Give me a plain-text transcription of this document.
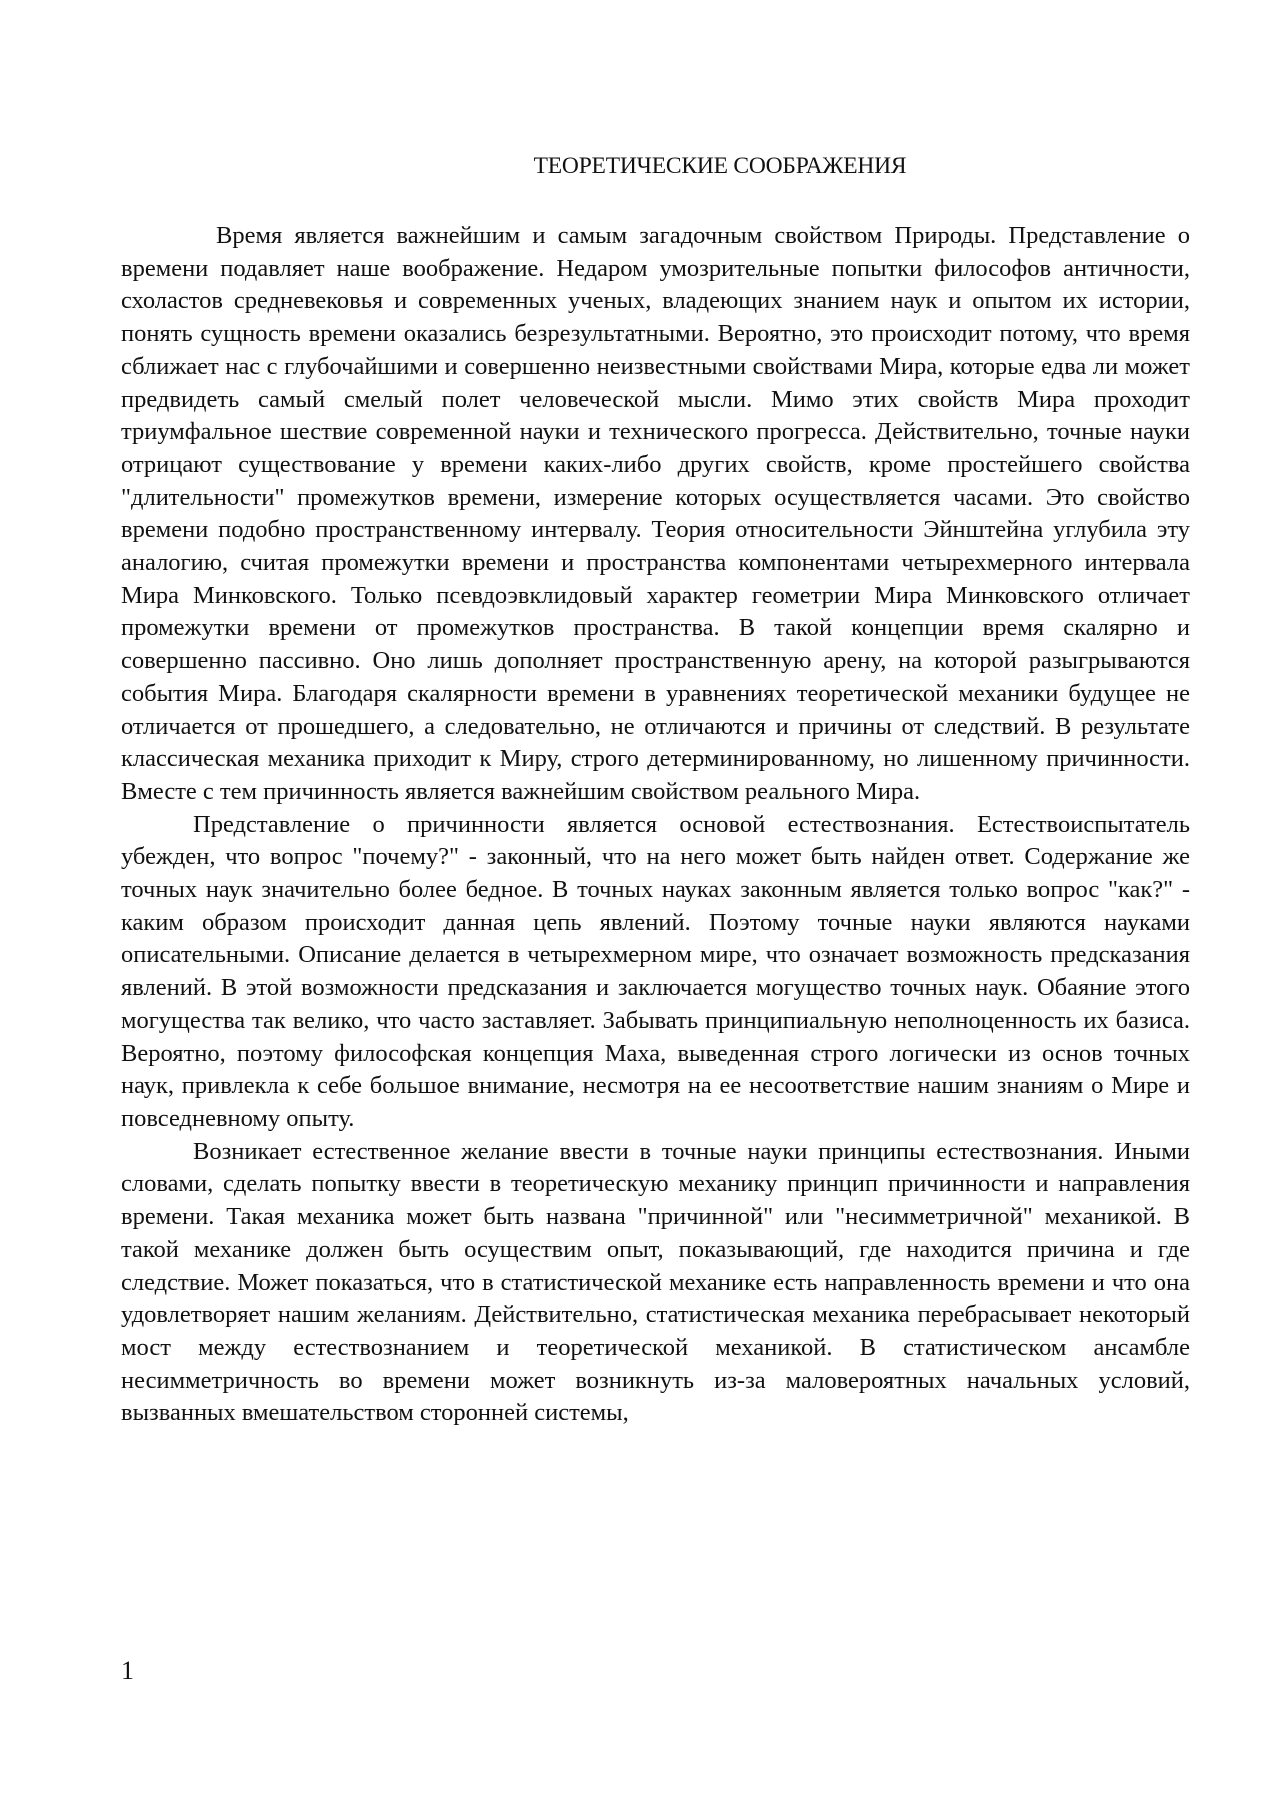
ТЕОРЕТИЧЕСКИЕ СООБРАЖЕНИЯ

Время является важнейшим и самым загадочным свойством Природы. Представление о времени подавляет наше воображение. Недаром умозрительные попытки философов античности, схоластов средневековья и современных ученых, владеющих знанием наук и опытом их истории, понять сущность времени оказались безрезультатными. Вероятно, это происходит потому, что время сближает нас с глубочайшими и совершенно неизвестными свойствами Мира, которые едва ли может предвидеть самый смелый полет человеческой мысли. Мимо этих свойств Мира проходит триумфальное шествие современной науки и технического прогресса. Действительно, точные науки отрицают существование у времени каких-либо других свойств, кроме простейшего свойства "длительности" промежутков времени, измерение которых осуществляется часами. Это свойство времени подобно пространственному интервалу. Теория относительности Эйнштейна углубила эту аналогию, считая промежутки времени и пространства компонентами четырехмерного интервала Мира Минковского. Только псевдоэвклидовый характер геометрии Мира Минковского отличает промежутки времени от промежутков пространства. В такой концепции время скалярно и совершенно пассивно. Оно лишь дополняет пространственную арену, на которой разыгрываются события Мира. Благодаря скалярности времени в уравнениях теоретической механики будущее не отличается от прошедшего, а следовательно, не отличаются и причины от следствий. В результате классическая механика приходит к Миру, строго детерминированному, но лишенному причинности. Вместе с тем причинность является важнейшим свойством реального Мира.

Представление о причинности является основой естествознания. Естествоиспытатель убежден, что вопрос "почему?" - законный, что на него может быть найден ответ. Содержание же точных наук значительно более бедное. В точных науках законным является только вопрос "как?" - каким образом происходит данная цепь явлений. Поэтому точные науки являются науками описательными. Описание делается в четырехмерном мире, что означает возможность предсказания явлений. В этой возможности предсказания и заключается могущество точных наук. Обаяние этого могущества так велико, что часто заставляет. Забывать принципиальную неполноценность их базиса. Вероятно, поэтому философская концепция Маха, выведенная строго логически из основ точных наук, привлекла к себе большое внимание, несмотря на ее несоответствие нашим знаниям о Мире и повседневному опыту.

Возникает естественное желание ввести в точные науки принципы естествознания. Иными словами, сделать попытку ввести в теоретическую механику принцип причинности и направления времени. Такая механика может быть названа "причинной" или "несимметричной" механикой. В такой механике должен быть осуществим опыт, показывающий, где находится причина и где следствие. Может показаться, что в статистической механике есть направленность времени и что она удовлетворяет нашим желаниям. Действительно, статистическая механика перебрасывает некоторый мост между естествознанием и теоретической механикой. В статистическом ансамбле несимметричность во времени может возникнуть из-за маловероятных начальных условий, вызванных вмешательством сторонней системы,

1
